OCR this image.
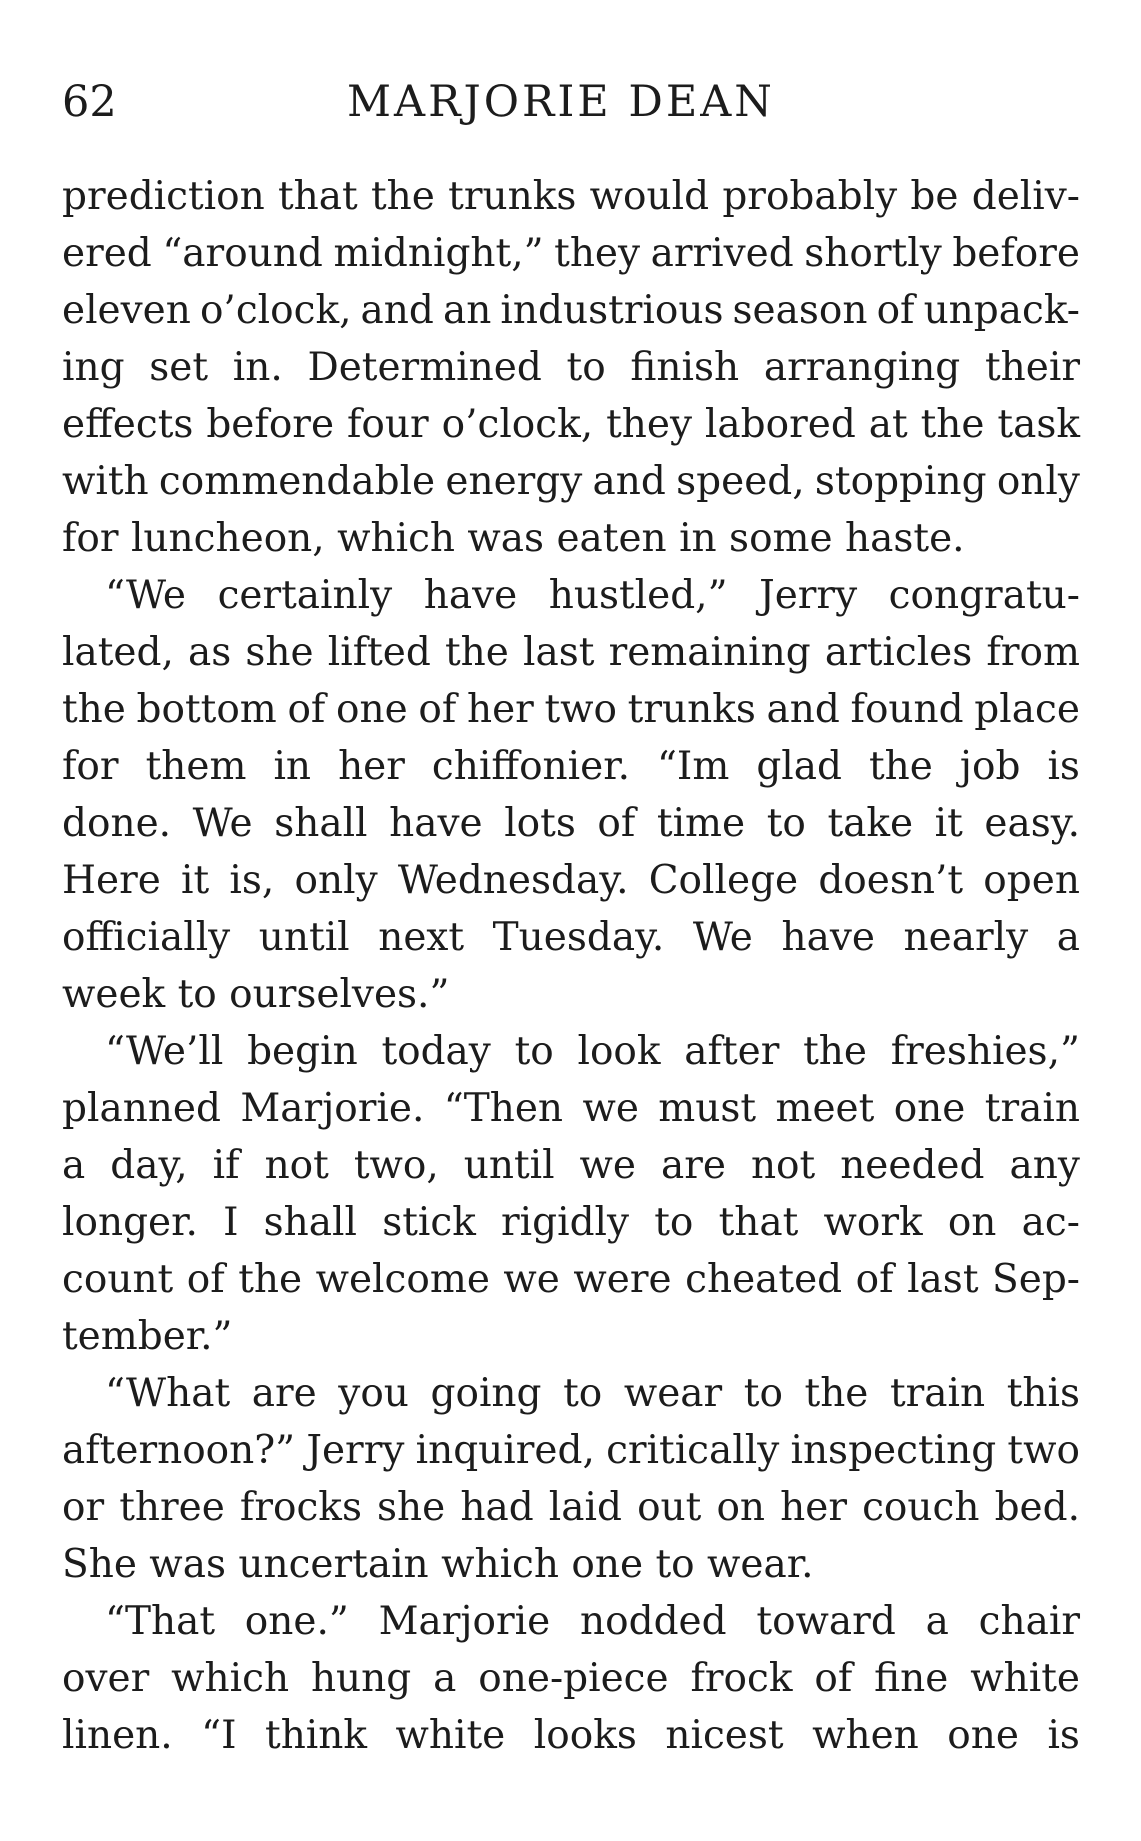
62	MARJORIE DEAN
prediction that the trunks would probably be deliv-
ered “around midnight,” they arrived shortly before
eleven o’clock, and an industrious season of unpack-
ing set in. Determined to finish arranging their
effects before four o’clock, they labored at the task
with commendable energy and speed, stopping only
for luncheon, which was eaten in some haste.
“We certainly have hustled,” Jerry congratu-
lated, as she lifted the last remaining articles from
the bottom of one of her two trunks and found place
for them in her chiffonier. “Im glad the job is
done. We shall have lots of time to take it easy.
Here it is, only Wednesday. College doesn’t open
officially until next Tuesday. We have nearly a
week to ourselves.”
“We’ll begin today to look after the freshies,”
planned Marjorie. “Then we must meet one train
a day, if not two, until we are not needed any
longer. I shall stick rigidly to that work on ac-
count of the welcome we were cheated of last Sep-
tember.”
“What are you going to wear to the train this
afternoon?” Jerry inquired, critically inspecting two
or three frocks she had laid out on her couch bed.
She was uncertain which one to wear.
“That one.” Marjorie nodded toward a chair
over which hung a one-piece frock of fine white
linen. “I think white looks nicest when one is
